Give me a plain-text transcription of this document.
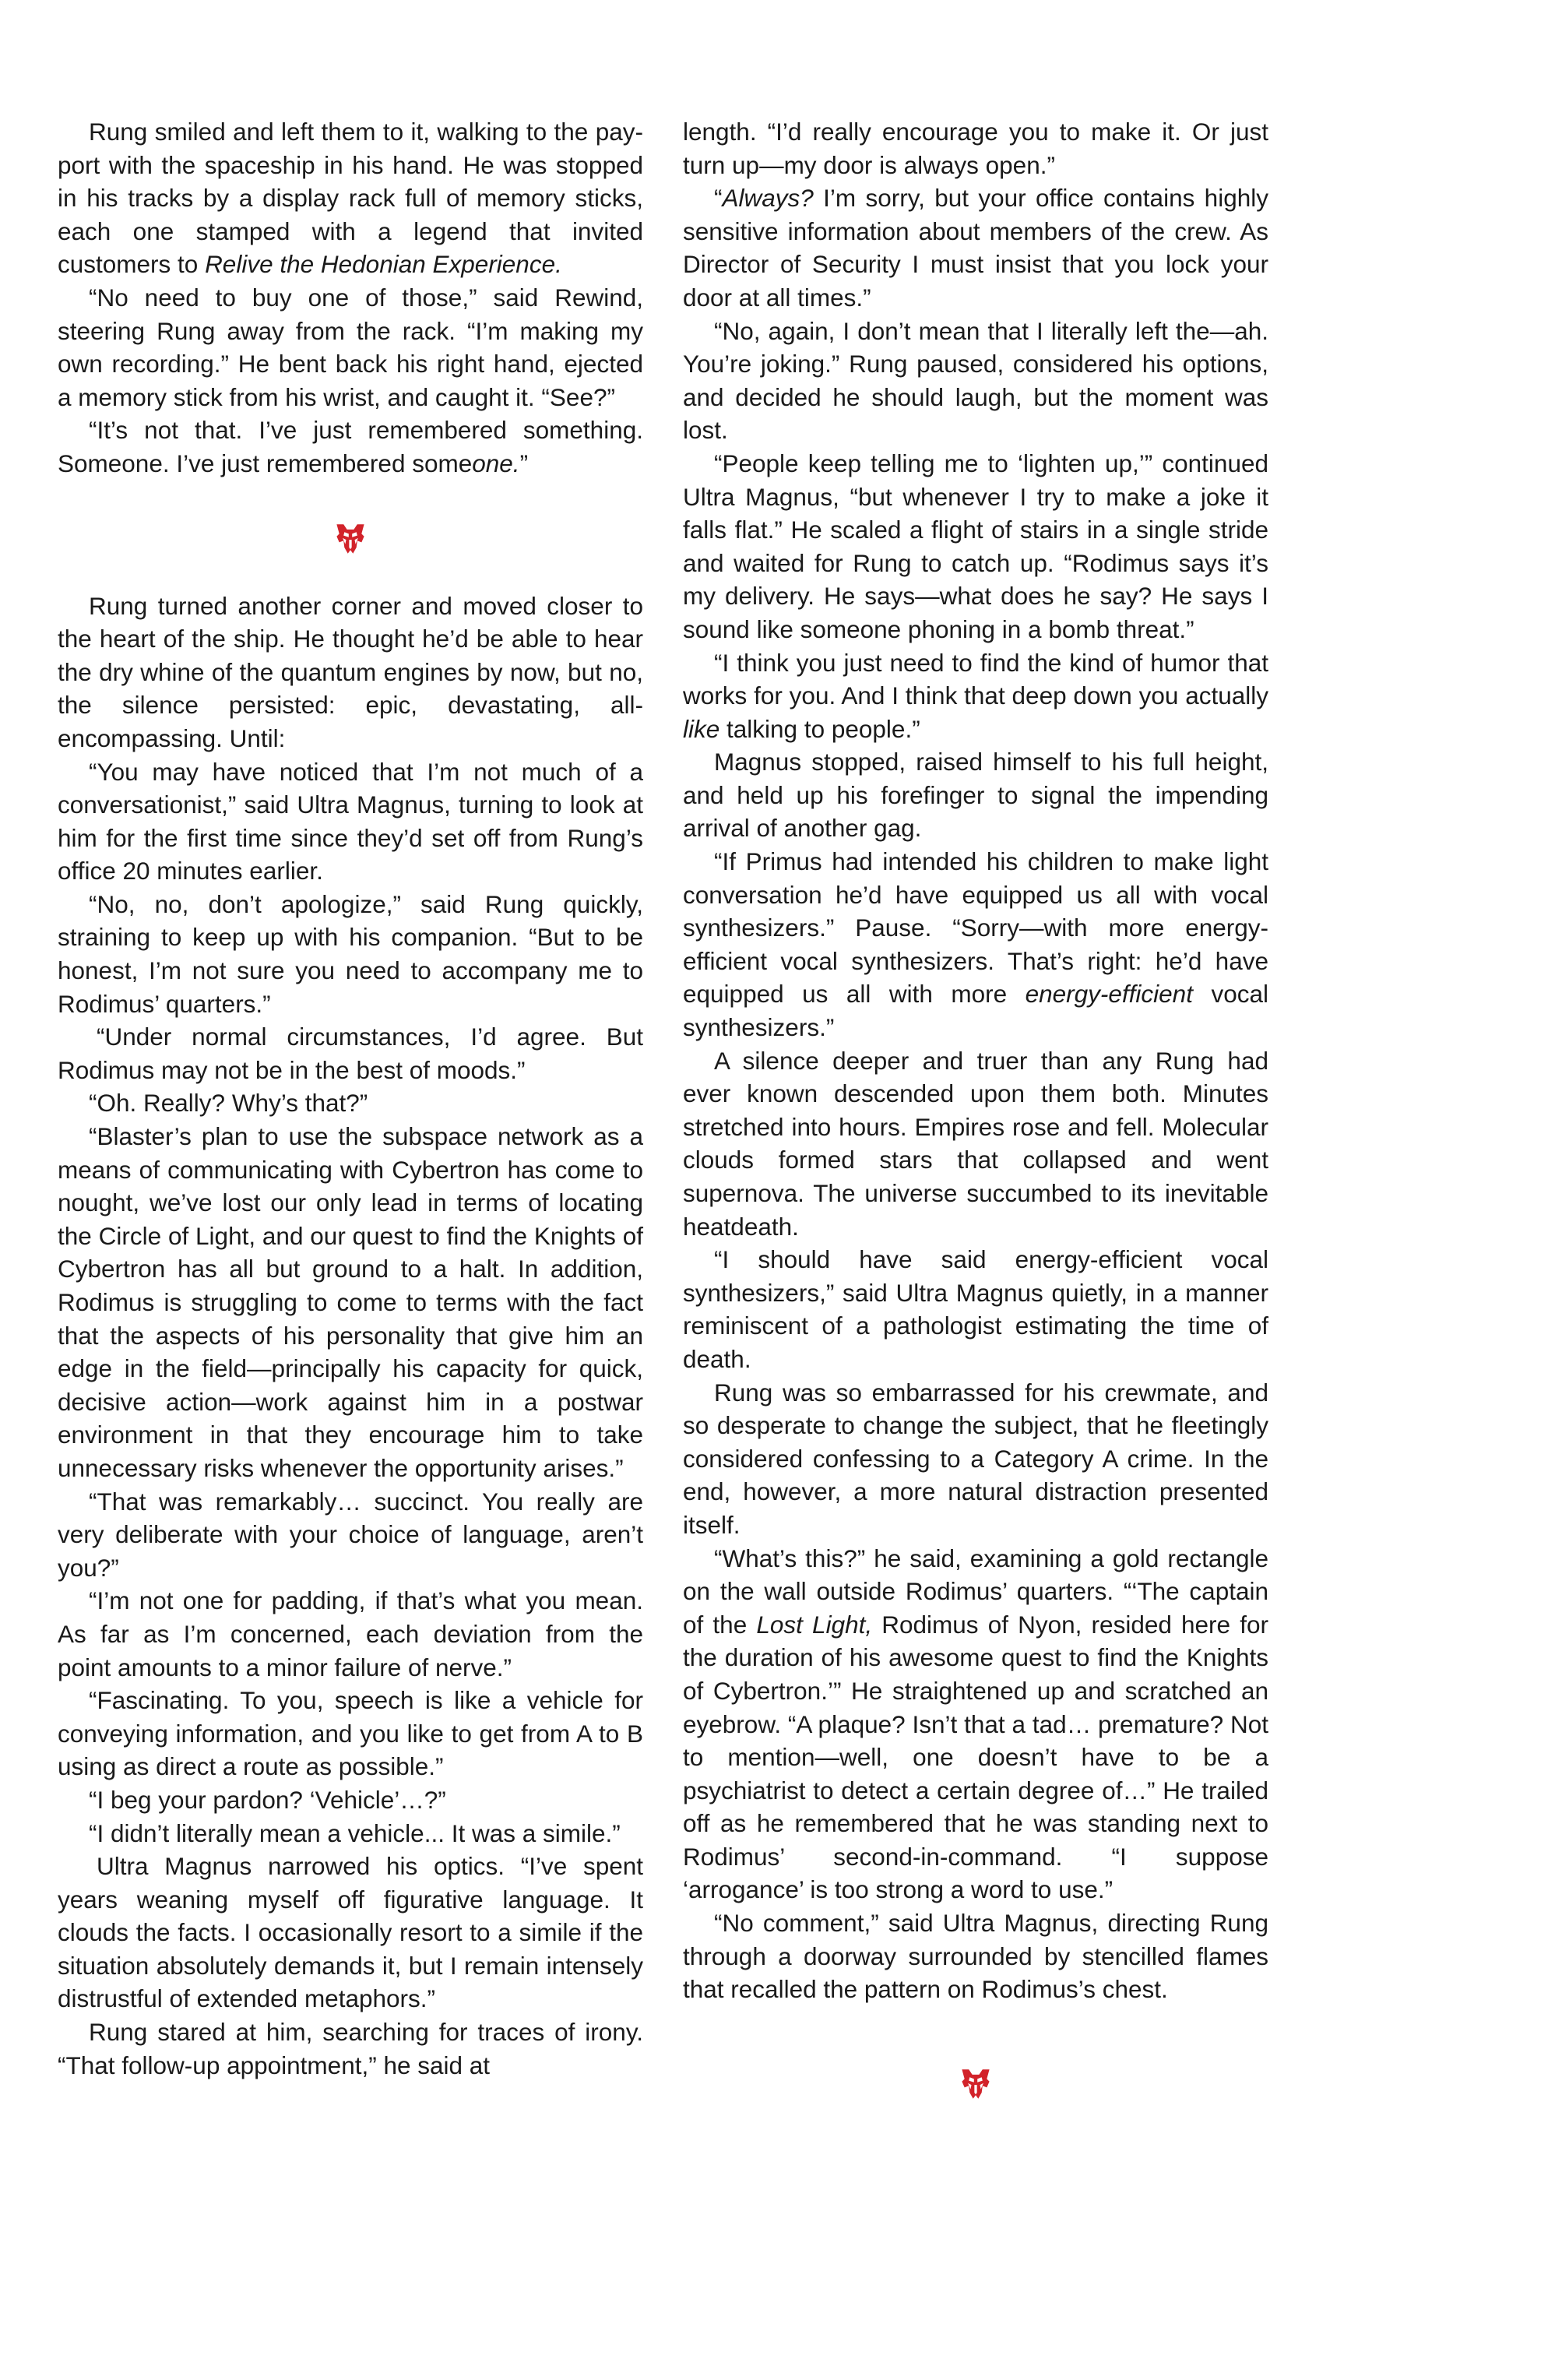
Rung smiled and left them to it, walking to the pay-port with the spaceship in his hand. He was stopped in his tracks by a display rack full of memory sticks, each one stamped with a legend that invited customers to Relive the Hedonian Experience.

“No need to buy one of those,” said Rewind, steering Rung away from the rack. “I’m making my own recording.” He bent back his right hand, ejected a memory stick from his wrist, and caught it. “See?”

“It’s not that. I’ve just remembered something. Someone. I’ve just remembered someone.”

Rung turned another corner and moved closer to the heart of the ship. He thought he’d be able to hear the dry whine of the quantum engines by now, but no, the silence persisted: epic, devastating, all-encompassing. Until:

“You may have noticed that I’m not much of a conversationist,” said Ultra Magnus, turning to look at him for the first time since they’d set off from Rung’s office 20 minutes earlier.

“No, no, don’t apologize,” said Rung quickly, straining to keep up with his companion. “But to be honest, I’m not sure you need to accompany me to Rodimus’ quarters.”

“Under normal circumstances, I’d agree. But Rodimus may not be in the best of moods.”

“Oh. Really? Why’s that?”

“Blaster’s plan to use the subspace network as a means of communicating with Cybertron has come to nought, we’ve lost our only lead in terms of locating the Circle of Light, and our quest to find the Knights of Cybertron has all but ground to a halt. In addition, Rodimus is struggling to come to terms with the fact that the aspects of his personality that give him an edge in the field—principally his capacity for quick, decisive action—work against him in a postwar environment in that they encourage him to take unnecessary risks whenever the opportunity arises.”

“That was remarkably… succinct. You really are very deliberate with your choice of language, aren’t you?”

“I’m not one for padding, if that’s what you mean. As far as I’m concerned, each deviation from the point amounts to a minor failure of nerve.”

“Fascinating. To you, speech is like a vehicle for conveying information, and you like to get from A to B using as direct a route as possible.”

“I beg your pardon? ‘Vehicle’…?”

“I didn’t literally mean a vehicle... It was a simile.”

Ultra Magnus narrowed his optics. “I’ve spent years weaning myself off figurative language. It clouds the facts. I occasionally resort to a simile if the situation absolutely demands it, but I remain intensely distrustful of extended metaphors.”

Rung stared at him, searching for traces of irony. “That follow-up appointment,” he said at

length. “I’d really encourage you to make it. Or just turn up—my door is always open.”

“Always? I’m sorry, but your office contains highly sensitive information about members of the crew. As Director of Security I must insist that you lock your door at all times.”

“No, again, I don’t mean that I literally left the—ah. You’re joking.” Rung paused, considered his options, and decided he should laugh, but the moment was lost.

“People keep telling me to ‘lighten up,’” continued Ultra Magnus, “but whenever I try to make a joke it falls flat.” He scaled a flight of stairs in a single stride and waited for Rung to catch up. “Rodimus says it’s my delivery. He says—what does he say? He says I sound like someone phoning in a bomb threat.”

“I think you just need to find the kind of humor that works for you. And I think that deep down you actually like talking to people.”

Magnus stopped, raised himself to his full height, and held up his forefinger to signal the impending arrival of another gag.

“If Primus had intended his children to make light conversation he’d have equipped us all with vocal synthesizers.” Pause. “Sorry—with more energy-efficient vocal synthesizers. That’s right: he’d have equipped us all with more energy-efficient vocal synthesizers.”

A silence deeper and truer than any Rung had ever known descended upon them both. Minutes stretched into hours. Empires rose and fell. Molecular clouds formed stars that collapsed and went supernova. The universe succumbed to its inevitable heatdeath.

“I should have said energy-efficient vocal synthesizers,” said Ultra Magnus quietly, in a manner reminiscent of a pathologist estimating the time of death.

Rung was so embarrassed for his crewmate, and so desperate to change the subject, that he fleetingly considered confessing to a Category A crime. In the end, however, a more natural distraction presented itself.

“What’s this?” he said, examining a gold rectangle on the wall outside Rodimus’ quarters. “‘The captain of the Lost Light, Rodimus of Nyon, resided here for the duration of his awesome quest to find the Knights of Cybertron.’” He straightened up and scratched an eyebrow. “A plaque? Isn’t that a tad… premature? Not to mention—well, one doesn’t have to be a psychiatrist to detect a certain degree of…” He trailed off as he remembered that he was standing next to Rodimus’ second-in-command. “I suppose ‘arrogance’ is too strong a word to use.”

“No comment,” said Ultra Magnus, directing Rung through a doorway surrounded by stencilled flames that recalled the pattern on Rodimus’s chest.
